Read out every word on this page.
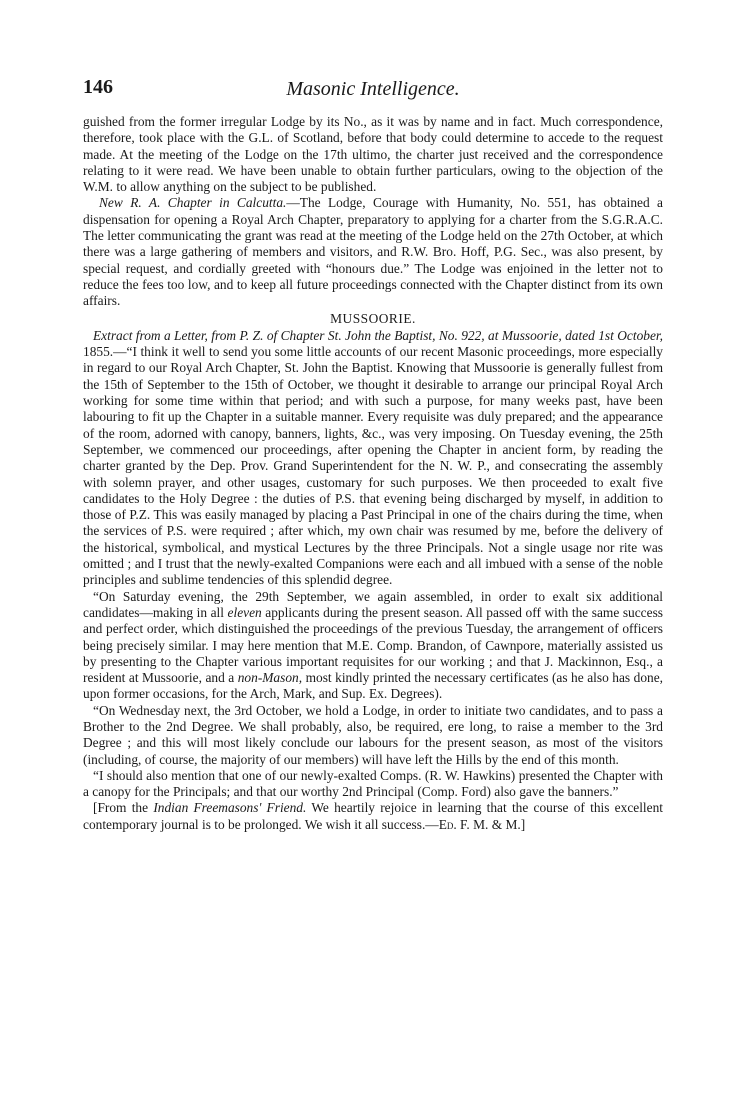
146	Masonic Intelligence.

guished from the former irregular Lodge by its No., as it was by name and in fact. Much correspondence, therefore, took place with the G.L. of Scotland, before that body could determine to accede to the request made. At the meeting of the Lodge on the 17th ultimo, the charter just received and the correspondence relating to it were read. We have been unable to obtain further particulars, owing to the objection of the W.M. to allow anything on the subject to be published.

New R. A. Chapter in Calcutta.—The Lodge, Courage with Humanity, No. 551, has obtained a dispensation for opening a Royal Arch Chapter, preparatory to applying for a charter from the S.G.R.A.C. The letter communicating the grant was read at the meeting of the Lodge held on the 27th October, at which there was a large gathering of members and visitors, and R.W. Bro. Hoff, P.G. Sec., was also present, by special request, and cordially greeted with “honours due.” The Lodge was enjoined in the letter not to reduce the fees too low, and to keep all future proceedings connected with the Chapter distinct from its own affairs.

MUSSOORIE.

Extract from a Letter, from P. Z. of Chapter St. John the Baptist, No. 922, at Mussoorie, dated 1st October, 1855.—“I think it well to send you some little accounts of our recent Masonic proceedings, more especially in regard to our Royal Arch Chapter, St. John the Baptist. Knowing that Mussoorie is generally fullest from the 15th of September to the 15th of October, we thought it desirable to arrange our principal Royal Arch working for some time within that period; and with such a purpose, for many weeks past, have been labouring to fit up the Chapter in a suitable manner. Every requisite was duly prepared; and the appearance of the room, adorned with canopy, banners, lights, &c., was very imposing. On Tuesday evening, the 25th September, we commenced our proceedings, after opening the Chapter in ancient form, by reading the charter granted by the Dep. Prov. Grand Superintendent for the N. W. P., and consecrating the assembly with solemn prayer, and other usages, customary for such purposes. We then proceeded to exalt five candidates to the Holy Degree : the duties of P.S. that evening being discharged by myself, in addition to those of P.Z. This was easily managed by placing a Past Principal in one of the chairs during the time, when the services of P.S. were required ; after which, my own chair was resumed by me, before the delivery of the historical, symbolical, and mystical Lectures by the three Principals. Not a single usage nor rite was omitted ; and I trust that the newly-exalted Companions were each and all imbued with a sense of the noble principles and sublime tendencies of this splendid degree.

“On Saturday evening, the 29th September, we again assembled, in order to exalt six additional candidates—making in all eleven applicants during the present season. All passed off with the same success and perfect order, which distinguished the proceedings of the previous Tuesday, the arrangement of officers being precisely similar. I may here mention that M.E. Comp. Brandon, of Cawnpore, materially assisted us by presenting to the Chapter various important requisites for our working ; and that J. Mackinnon, Esq., a resident at Mussoorie, and a non-Mason, most kindly printed the necessary certificates (as he also has done, upon former occasions, for the Arch, Mark, and Sup. Ex. Degrees).

“On Wednesday next, the 3rd October, we hold a Lodge, in order to initiate two candidates, and to pass a Brother to the 2nd Degree. We shall probably, also, be required, ere long, to raise a member to the 3rd Degree ; and this will most likely conclude our labours for the present season, as most of the visitors (including, of course, the majority of our members) will have left the Hills by the end of this month.

“I should also mention that one of our newly-exalted Comps. (R. W. Hawkins) presented the Chapter with a canopy for the Principals; and that our worthy 2nd Principal (Comp. Ford) also gave the banners.”

[From the Indian Freemasons' Friend. We heartily rejoice in learning that the course of this excellent contemporary journal is to be prolonged. We wish it all success.—Ed. F. M. & M.]
